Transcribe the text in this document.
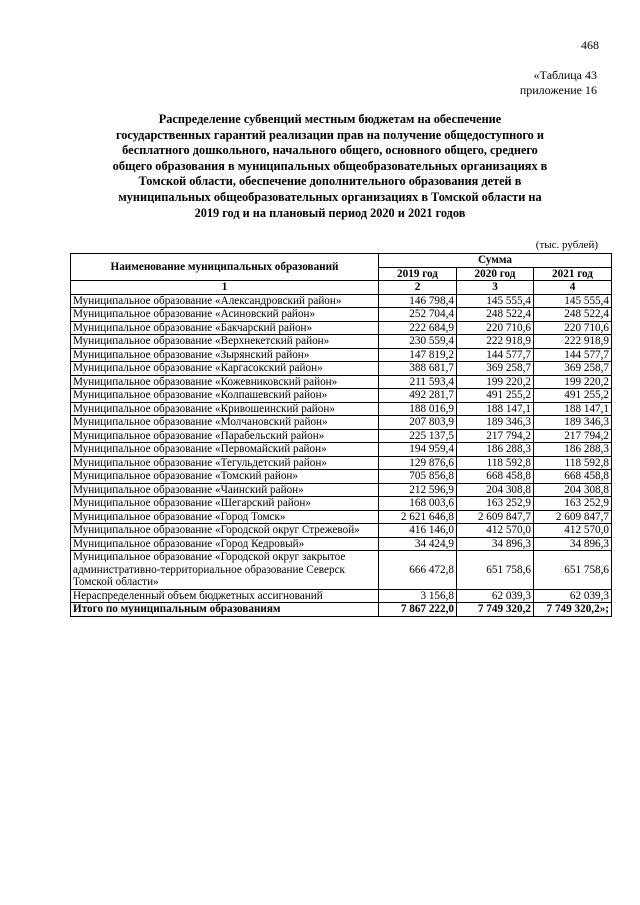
468
«Таблица 43
приложение 16
Распределение субвенций местным бюджетам на обеспечение
государственных гарантий реализации прав на получение общедоступного и
бесплатного дошкольного, начального общего, основного общего, среднего
общего образования в муниципальных общеобразовательных организациях в
Томской области, обеспечение дополнительного образования детей в
муниципальных общеобразовательных организациях в Томской области на
2019 год и на плановый период 2020 и 2021 годов
(тыс. рублей)
Наименование муниципальных образований	Сумма		
	2019 год	2020 год	2021 год
1	2	3	4
Муниципальное образование «Александровский район»	146 798,4	145 555,4	145 555,4
Муниципальное образование «Асиновский район»	252 704,4	248 522,4	248 522,4
Муниципальное образование «Бакчарский район»	222 684,9	220 710,6	220 710,6
Муниципальное образование «Верхнекетский район»	230 559,4	222 918,9	222 918,9
Муниципальное образование «Зырянский район»	147 819,2	144 577,7	144 577,7
Муниципальное образование «Каргасокский район»	388 681,7	369 258,7	369 258,7
Муниципальное образование «Кожевниковский район»	211 593,4	199 220,2	199 220,2
Муниципальное образование «Колпашевский район»	492 281,7	491 255,2	491 255,2
Муниципальное образование «Кривошеинский район»	188 016,9	188 147,1	188 147,1
Муниципальное образование «Молчановский район»	207 803,9	189 346,3	189 346,3
Муниципальное образование «Парабельский район»	225 137,5	217 794,2	217 794,2
Муниципальное образование «Первомайский район»	194 959,4	186 288,3	186 288,3
Муниципальное образование «Тегульдетский район»	129 876,6	118 592,8	118 592,8
Муниципальное образование «Томский район»	705 856,8	668 458,8	668 458,8
Муниципальное образование «Чаинский район»	212 596,9	204 308,8	204 308,8
Муниципальное образование «Шегарский район»	168 003,6	163 252,9	163 252,9
Муниципальное образование «Город Томск»	2 621 646,8	2 609 847,7	2 609 847,7
Муниципальное образование «Городской округ Стрежевой»	416 146,0	412 570,0	412 570,0
Муниципальное образование «Город Кедровый»	34 424,9	34 896,3	34 896,3
Муниципальное образование «Городской округ закрытое административно-территориальное образование Северск Томской области»	666 472,8	651 758,6	651 758,6
Нераспределенный объем бюджетных ассигнований	3 156,8	62 039,3	62 039,3
Итого по муниципальным образованиям	7 867 222,0	7 749 320,2	7 749 320,2»;
